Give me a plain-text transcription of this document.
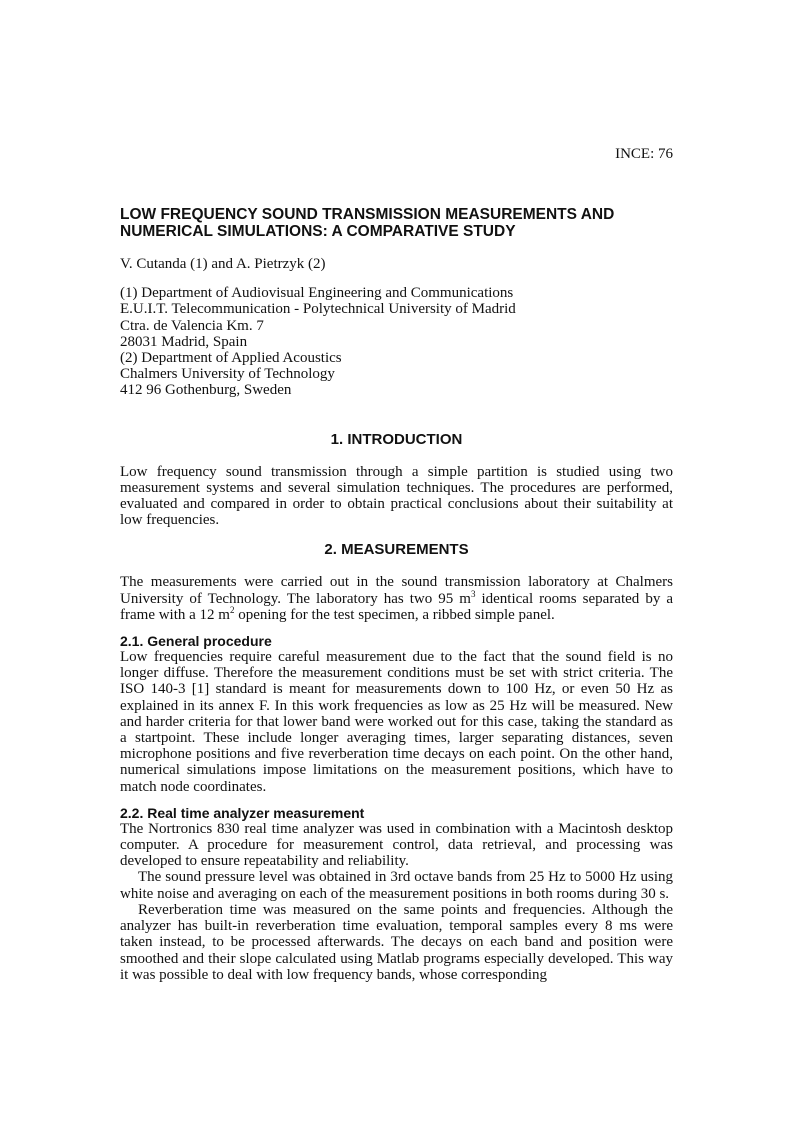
INCE: 76
LOW FREQUENCY SOUND TRANSMISSION MEASUREMENTS AND
NUMERICAL SIMULATIONS: A COMPARATIVE STUDY
V. Cutanda (1) and A. Pietrzyk (2)
(1) Department of Audiovisual Engineering and Communications
E.U.I.T. Telecommunication - Polytechnical University of Madrid
Ctra. de Valencia Km. 7
28031 Madrid, Spain
(2) Department of Applied Acoustics
Chalmers University of Technology
412 96 Gothenburg, Sweden
1. INTRODUCTION

Low frequency sound transmission through a simple partition is studied using two measurement systems and several simulation techniques. The procedures are performed, evaluated and compared in order to obtain practical conclusions about their suitability at low frequencies.

2. MEASUREMENTS

The measurements were carried out in the sound transmission laboratory at Chalmers University of Technology. The laboratory has two 95 $m^3$ identical rooms separated by a frame with a 12 $m^2$ opening for the test specimen, a ribbed simple panel.

2.1. General procedure

Low frequencies require careful measurement due to the fact that the sound field is no longer diffuse. Therefore the measurement conditions must be set with strict criteria. The ISO 140-3 [1] standard is meant for measurements down to 100 Hz, or even 50 Hz as explained in its annex F. In this work frequencies as low as 25 Hz will be measured. New and harder criteria for that lower band were worked out for this case, taking the standard as a startpoint. These include longer averaging times, larger separating distances, seven microphone positions and five reverberation time decays on each point. On the other hand, numerical simulations impose limitations on the measurement positions, which have to match node coordinates.

2.2. Real time analyzer measurement

The Nortronics 830 real time analyzer was used in combination with a Macintosh desktop computer. A procedure for measurement control, data retrieval, and processing was developed to ensure repeatability and reliability.

The sound pressure level was obtained in 3rd octave bands from 25 Hz to 5000 Hz using white noise and averaging on each of the measurement positions in both rooms during 30 s.

Reverberation time was measured on the same points and frequencies. Although the analyzer has built-in reverberation time evaluation, temporal samples every 8 ms were taken instead, to be processed afterwards. The decays on each band and position were smoothed and their slope calculated using Matlab programs especially developed. This way it was possible to deal with low frequency bands, whose corresponding
